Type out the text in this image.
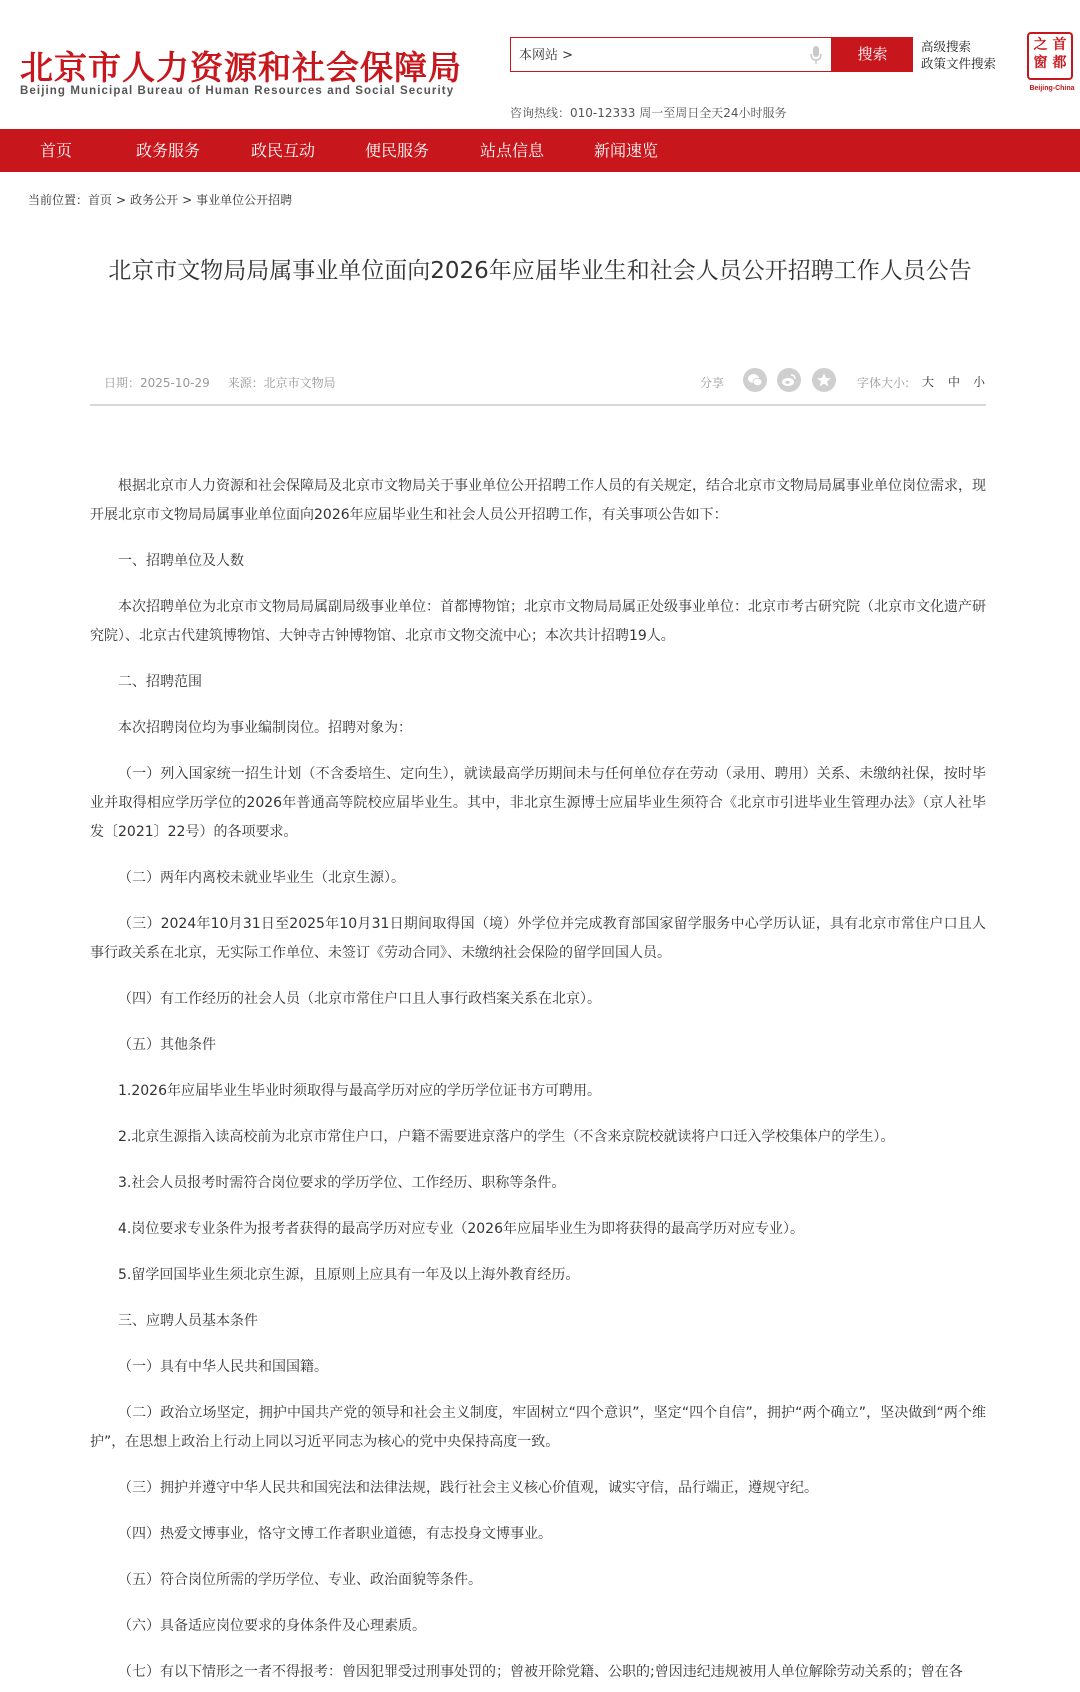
北京市人力资源和社会保障局
Beijing Municipal Bureau of Human Resources and Social Security
本网站 >	搜索	高级搜索
政策文件搜索
咨询热线：010-12333 周一至周日全天24小时服务
之 首
窗 都
Beijing-China
首页	政务服务	政民互动	便民服务	站点信息	新闻速览
当前位置：首页 > 政务公开 > 事业单位公开招聘
北京市文物局局属事业单位面向2026年应届毕业生和社会人员公开招聘工作人员公告
日期：2025-10-29 来源：北京市文物局	分享	字体大小: 大 中 小

根据北京市人力资源和社会保障局及北京市文物局关于事业单位公开招聘工作人员的有关规定，结合北京市文物局局属事业单位岗位需求，现开展北京市文物局局属事业单位面向2026年应届毕业生和社会人员公开招聘工作，有关事项公告如下：

一、招聘单位及人数

本次招聘单位为北京市文物局局属副局级事业单位：首都博物馆；北京市文物局局属正处级事业单位：北京市考古研究院（北京市文化遗产研究院）、北京古代建筑博物馆、大钟寺古钟博物馆、北京市文物交流中心；本次共计招聘19人。

二、招聘范围

本次招聘岗位均为事业编制岗位。招聘对象为：

（一）列入国家统一招生计划（不含委培生、定向生），就读最高学历期间未与任何单位存在劳动（录用、聘用）关系、未缴纳社保，按时毕业并取得相应学历学位的2026年普通高等院校应届毕业生。其中，非北京生源博士应届毕业生须符合《北京市引进毕业生管理办法》（京人社毕发〔2021〕22号）的各项要求。

（二）两年内离校未就业毕业生（北京生源）。

（三）2024年10月31日至2025年10月31日期间取得国（境）外学位并完成教育部国家留学服务中心学历认证，具有北京市常住户口且人事行政关系在北京，无实际工作单位、未签订《劳动合同》、未缴纳社会保险的留学回国人员。

（四）有工作经历的社会人员（北京市常住户口且人事行政档案关系在北京）。

（五）其他条件

1.2026年应届毕业生毕业时须取得与最高学历对应的学历学位证书方可聘用。

2.北京生源指入读高校前为北京市常住户口，户籍不需要进京落户的学生（不含来京院校就读将户口迁入学校集体户的学生）。

3.社会人员报考时需符合岗位要求的学历学位、工作经历、职称等条件。

4.岗位要求专业条件为报考者获得的最高学历对应专业（2026年应届毕业生为即将获得的最高学历对应专业）。

5.留学回国毕业生须北京生源，且原则上应具有一年及以上海外教育经历。

三、应聘人员基本条件

（一）具有中华人民共和国国籍。

（二）政治立场坚定，拥护中国共产党的领导和社会主义制度，牢固树立“四个意识”，坚定“四个自信”，拥护“两个确立”，坚决做到“两个维护”，在思想上政治上行动上同以习近平同志为核心的党中央保持高度一致。

（三）拥护并遵守中华人民共和国宪法和法律法规，践行社会主义核心价值观，诚实守信，品行端正，遵规守纪。

（四）热爱文博事业，恪守文博工作者职业道德，有志投身文博事业。

（五）符合岗位所需的学历学位、专业、政治面貌等条件。

（六）具备适应岗位要求的身体条件及心理素质。

（七）有以下情形之一者不得报考：曾因犯罪受过刑事处罚的；曾被开除党籍、公职的;曾因违纪违规被用人单位解除劳动关系的；曾在各
